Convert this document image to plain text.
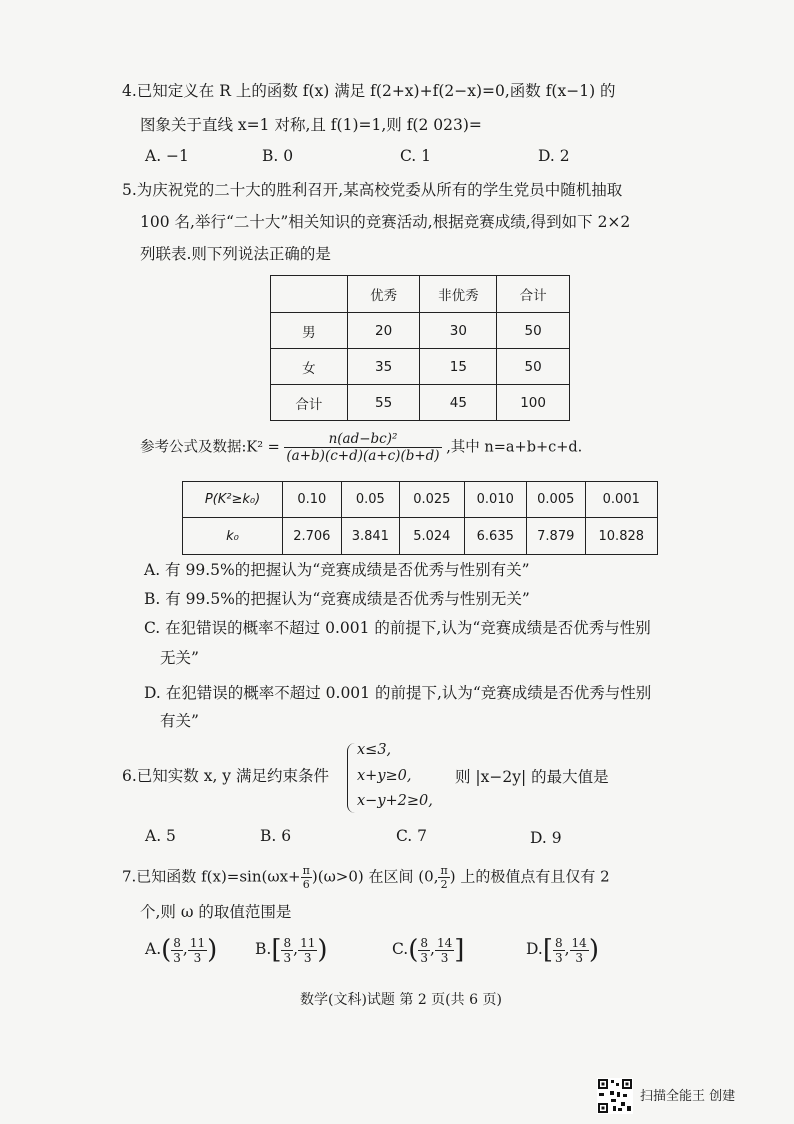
4.已知定义在 R 上的函数 f(x) 满足 f(2+x)+f(2−x)=0,函数 f(x−1) 的
图象关于直线 x=1 对称,且 f(1)=1,则 f(2 023)=
A. −1	B. 0	C. 1	D. 2
5.为庆祝党的二十大的胜利召开,某高校党委从所有的学生党员中随机抽取
100 名,举行“二十大”相关知识的竞赛活动,根据竞赛成绩,得到如下 2×2
列联表.则下列说法正确的是
	优秀	非优秀	合计
男	20	30	50
女	35	15	50
合计	55	45	100
参考公式及数据:K² = $\frac{\text{n(ad−bc)²}}{(a+b)(c+d)(a+c)(b+d)}$ ,其中 n=a+b+c+d.
P(K²≥k₀)	0.10	0.05	0.025	0.010	0.005	0.001
k₀	2.706	3.841	5.024	6.635	7.879	10.828
A. 有 99.5%的把握认为“竞赛成绩是否优秀与性别有关”
B. 有 99.5%的把握认为“竞赛成绩是否优秀与性别无关”
C. 在犯错误的概率不超过 0.001 的前提下,认为“竞赛成绩是否优秀与性别
无关”
D. 在犯错误的概率不超过 0.001 的前提下,认为“竞赛成绩是否优秀与性别
有关”
6.已知实数 x, y 满足约束条件
x≤3,
x+y≥0,
x−y+2≥0,
则 |x−2y| 的最大值是
A. 5	B. 6	C. 7	D. 9
7.已知函数 $f(x)=\sin(\omega x+ \frac{\pi}{6} )(\omega>0)$ 在区间 (0, $\frac{\pi}{2}$ ) 上的极值点有且仅有 2
个,则 ω 的取值范围是
$A.( \frac{8}{3}$ , $\frac{11}{3}$ ) $B.[ \frac{8}{3}$ , $\frac{11}{3}$ )	$C.( \frac{8}{3}$ , $\frac{14}{3}$ ]	$D.[ \frac{8}{3}$ , $\frac{14}{3}$ )
数学(文科)试题 第 2 页(共 6 页)
扫描全能王 创建
